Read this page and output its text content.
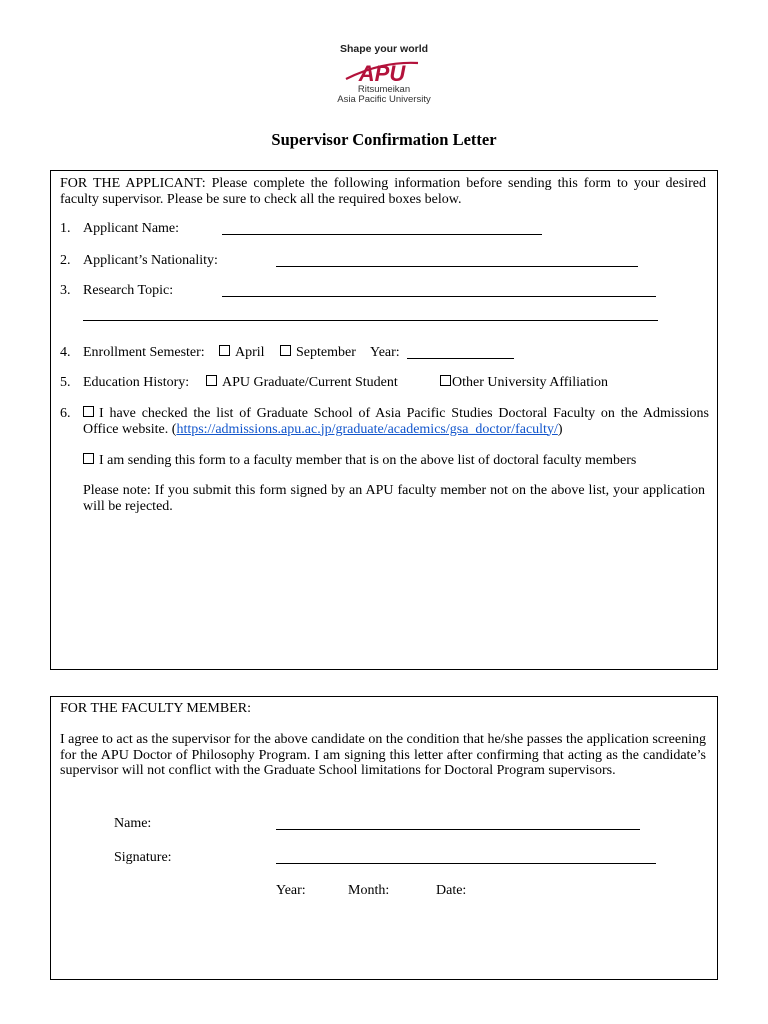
Shape your world
APU
Ritsumeikan
Asia Pacific University
Supervisor Confirmation Letter
FOR THE APPLICANT: Please complete the following information before sending this form to your desired faculty supervisor. Please be sure to check all the required boxes below.
1. Applicant Name:
2. Applicant’s Nationality:
3. Research Topic:
4. Enrollment Semester:	April	September Year:
5. Education History:	APU Graduate/Current Student	Other University Affiliation
6.	I have checked the list of Graduate School of Asia Pacific Studies Doctoral Faculty on the Admissions Office website. (https://admissions.apu.ac.jp/graduate/academics/gsa_doctor/faculty/)
I am sending this form to a faculty member that is on the above list of doctoral faculty members
Please note: If you submit this form signed by an APU faculty member not on the above list, your application will be rejected.
FOR THE FACULTY MEMBER:
I agree to act as the supervisor for the above candidate on the condition that he/she passes the application screening for the APU Doctor of Philosophy Program. I am signing this letter after confirming that acting as the candidate’s supervisor will not conflict with the Graduate School limitations for Doctoral Program supervisors.
Name:
Signature:
Year:	Month:	Date:
